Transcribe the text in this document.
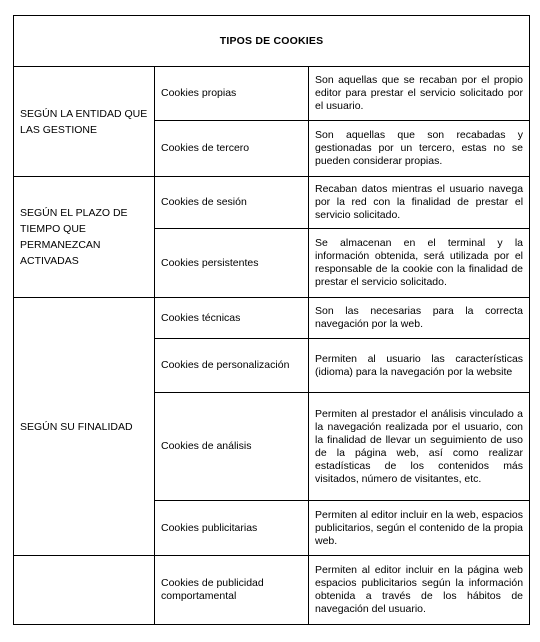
TIPOS DE COOKIES		
SEGÚN LA ENTIDAD QUE LAS GESTIONE	Cookies propias	Son aquellas que se recaban por el propio editor para prestar el servicio solicitado por el usuario.
	Cookies de tercero	Son aquellas que son recabadas y gestionadas por un tercero, estas no se pueden considerar propias.
SEGÚN EL PLAZO DE TIEMPO QUE PERMANEZCAN ACTIVADAS	Cookies de sesión	Recaban datos mientras el usuario navega por la red con la finalidad de prestar el servicio solicitado.
	Cookies persistentes	Se almacenan en el terminal y la información obtenida, será utilizada por el responsable de la cookie con la finalidad de prestar el servicio solicitado.
SEGÚN SU FINALIDAD	Cookies técnicas	Son las necesarias para la correcta navegación por la web.
	Cookies de personalización	Permiten al usuario las características (idioma) para la navegación por la website
	Cookies de análisis	Permiten al prestador el análisis vinculado a la navegación realizada por el usuario, con la finalidad de llevar un seguimiento de uso de la página web, así como realizar estadísticas de los contenidos más visitados, número de visitantes, etc.
	Cookies publicitarias	Permiten al editor incluir en la web, espacios publicitarios, según el contenido de la propia web.
	Cookies de publicidad comportamental	Permiten al editor incluir en la página web espacios publicitarios según la información obtenida a través de los hábitos de navegación del usuario.
